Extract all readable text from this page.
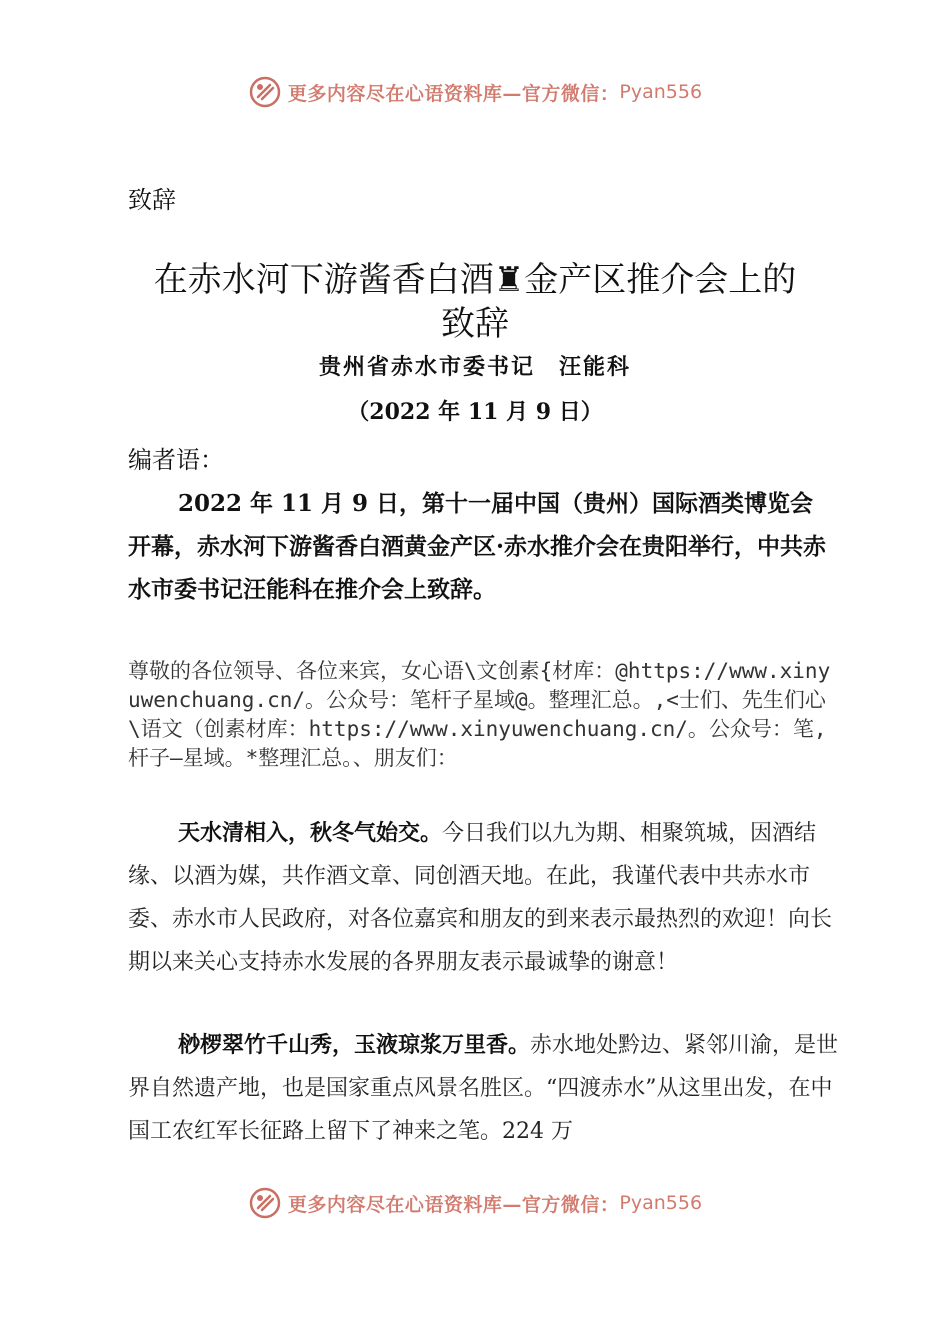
更多内容尽在心语资料库—官方微信： Pyan556
致辞
在赤水河下游酱香白酒♜金产区推介会上的
致辞
贵州省赤水市委书记　汪能科
（2022 年 11 月 9 日）
编者语：
2022 年 11 月 9 日，第十一届中国（贵州）国际酒类博览会开幕，赤水河下游酱香白酒黄金产区·赤水推介会在贵阳举行，中共赤水市委书记汪能科在推介会上致辞。
尊敬的各位领导、各位来宾，女心语\文创素{材库：@https://www.xinyuwenchuang.cn/。公众号：笔杆子星域@。整理汇总。,<士们、先生们心\语文（创素材库：https://www.xinyuwenchuang.cn/。公众号：笔,杆子—星域。*整理汇总。、朋友们：
天水清相入，秋冬气始交。今日我们以九为期、相聚筑城，因酒结缘、以酒为媒，共作酒文章、同创酒天地。在此，我谨代表中共赤水市委、赤水市人民政府，对各位嘉宾和朋友的到来表示最热烈的欢迎！向长期以来关心支持赤水发展的各界朋友表示最诚挚的谢意！
桫椤翠竹千山秀，玉液琼浆万里香。赤水地处黔边、紧邻川渝，是世界自然遗产地，也是国家重点风景名胜区。“四渡赤水”从这里出发，在中国工农红军长征路上留下了神来之笔。224 万
更多内容尽在心语资料库—官方微信： Pyan556
